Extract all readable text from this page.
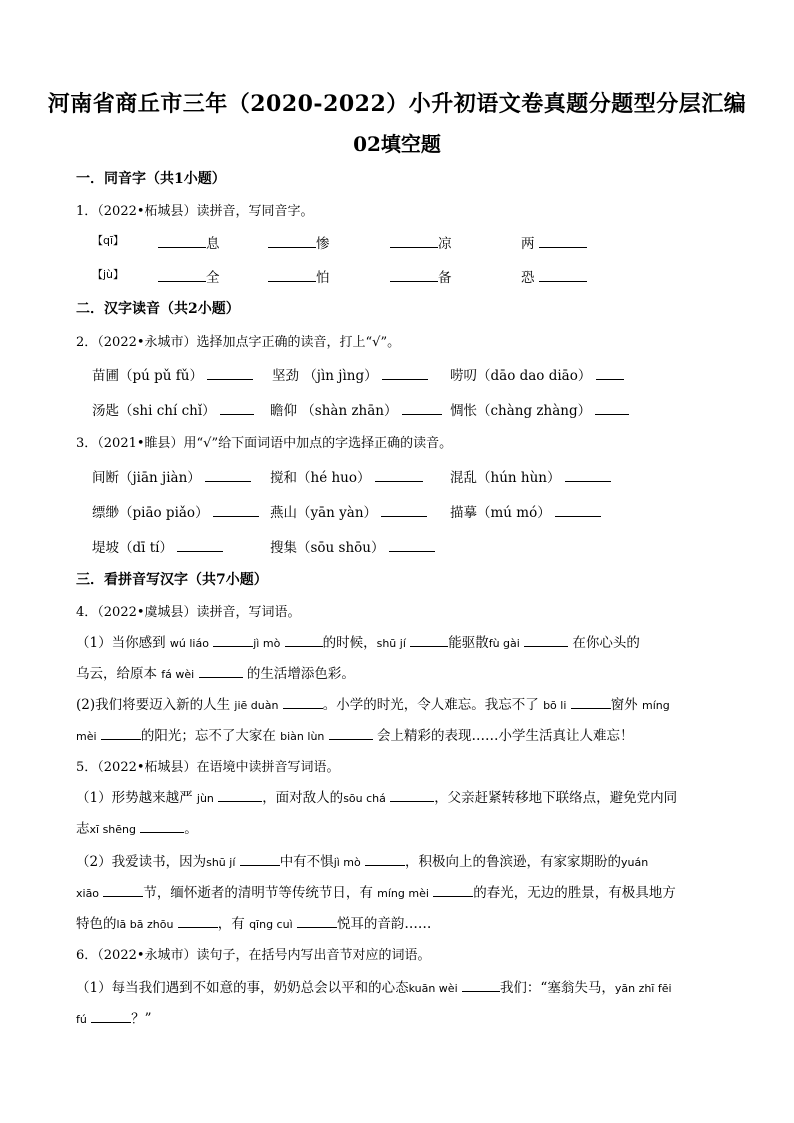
河南省商丘市三年（2020-2022）小升初语文卷真题分题型分层汇编
02填空题
一．同音字（共1小题）
1．（2022•柘城县）读拼音，写同音字。
【qī】	息	惨	凉	两
【jù】	全	怕	备	恐
二．汉字读音（共2小题）
2．（2022•永城市）选择加点字正确的读音，打上“√”。
苗圃（pú pǔ fǔ）	坚劲 （jìn jìng）	唠叨（dāo dao diāo）
汤匙（shi chí chǐ）	瞻仰 （shàn zhān）	惆怅（chàng zhàng）
3．（2021•睢县）用“√”给下面词语中加点的字选择正确的读音。
间断（jiān jiàn）	搅和（hé huo）	混乱（hún hùn）
缥缈（piāo piǎo）	燕山（yān yàn）	描摹（mú mó）
堤坡（dī tí）	搜集（sōu shōu）
三．看拼音写汉字（共7小题）
4．（2022•虞城县）读拼音，写词语。
（1）当你感到 wú liáo	jì mò	的时候，shū jí	能驱散fù gài	在你心头的
乌云，给原本 fá wèi	的生活增添色彩。
(2)我们将要迈入新的人生 jiē duàn	。小学的时光，令人难忘。我忘不了 bō li	窗外 míng
mèi	的阳光；忘不了大家在 biàn lùn	会上精彩的表现……小学生活真让人难忘！
5．（2022•柘城县）在语境中读拼音写词语。
（1）形势越来越严 jùn	，面对敌人的sōu chá	，父亲赶紧转移地下联络点，避免党内同
志xī shēng	。
（2）我爱读书，因为shū jí	中有不惧jì mò	，积极向上的鲁滨逊，有家家期盼的yuán
xiāo	节，缅怀逝者的清明节等传统节日，有 míng mèi	的春光，无边的胜景，有极具地方
特色的lā bā zhōu	，有 qīng cuì	悦耳的音韵……
6．（2022•永城市）读句子，在括号内写出音节对应的词语。
（1）每当我们遇到不如意的事，奶奶总会以平和的心态kuān wèi	我们：“塞翁失马，yān zhī fēi
fú	？”
